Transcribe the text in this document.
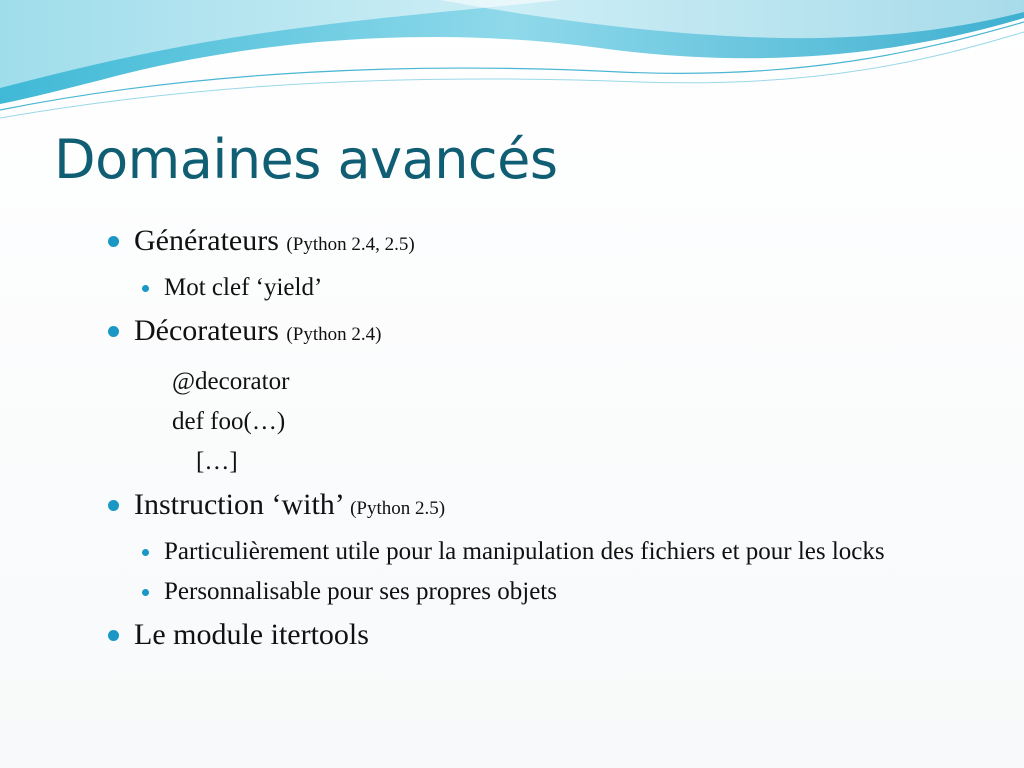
Domaines avancés
Générateurs (Python 2.4, 2.5)
Mot clef ‘yield’
Décorateurs (Python 2.4)
@decorator
def foo(…)
[…]
Instruction ‘with’ (Python 2.5)
Particulièrement utile pour la manipulation des fichiers et pour les locks
Personnalisable pour ses propres objets
Le module itertools
